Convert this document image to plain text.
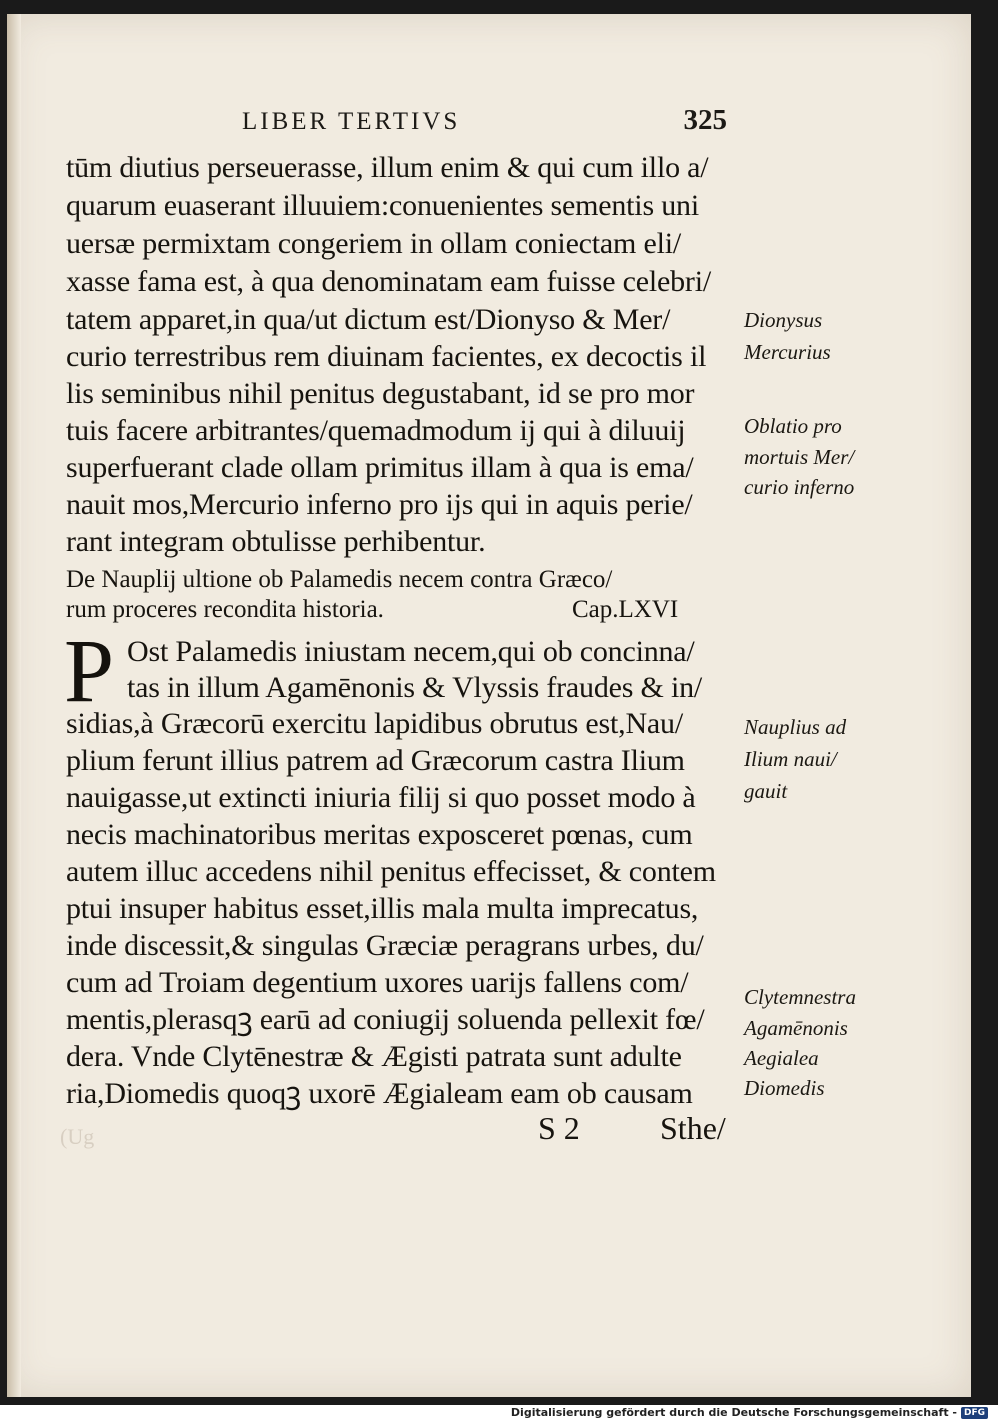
LIBER TERTIVS	325
tūm diutius perseuerasse, illum enim & qui cum illo a/
quarum euaserant illuuiem:conuenientes sementis uni
uersæ permixtam congeriem in ollam coniectam eli/
xasse fama est, à qua denominatam eam fuisse celebri/
tatem apparet,in qua/ut dictum est/Dionyso & Mer/
curio terrestribus rem diuinam facientes, ex decoctis il
lis seminibus nihil penitus degustabant, id se pro mor
tuis facere arbitrantes/quemadmodum ij qui à diluuij
superfuerant clade ollam primitus illam à qua is ema/
nauit mos,Mercurio inferno pro ijs qui in aquis perie/
rant integram obtulisse perhibentur.
De Nauplij ultione ob Palamedis necem contra Græco/
rum proceres recondita historia.	Cap.LXVI
P Ost Palamedis iniustam necem,qui ob concinna/
tas in illum Agamēnonis & Vlyssis fraudes & in/
sidias,à Græcorū exercitu lapidibus obrutus est,Nau/
plium ferunt illius patrem ad Græcorum castra Ilium
nauigasse,ut extincti iniuria filij si quo posset modo à
necis machinatoribus meritas exposceret pœnas, cum
autem illuc accedens nihil penitus effecisset, & contem
ptui insuper habitus esset,illis mala multa imprecatus,
inde discessit,& singulas Græciæ peragrans urbes, du/
cum ad Troiam degentium uxores uarijs fallens com/
mentis,plerasqꝫ earū ad coniugij soluenda pellexit fœ/
dera. Vnde Clytēnestræ & Ægisti patrata sunt adulte
ria,Diomedis quoqꝫ uxorē Ægialeam eam ob causam
S 2	Sthe/
(Ug
Dionysus
Mercurius
Oblatio pro
mortuis Mer/
curio inferno
Nauplius ad
Ilium naui/
gauit
Clytemnestra
Agamēnonis
Aegialea
Diomedis
Digitalisierung gefördert durch die Deutsche Forschungsgemeinschaft - DFG
